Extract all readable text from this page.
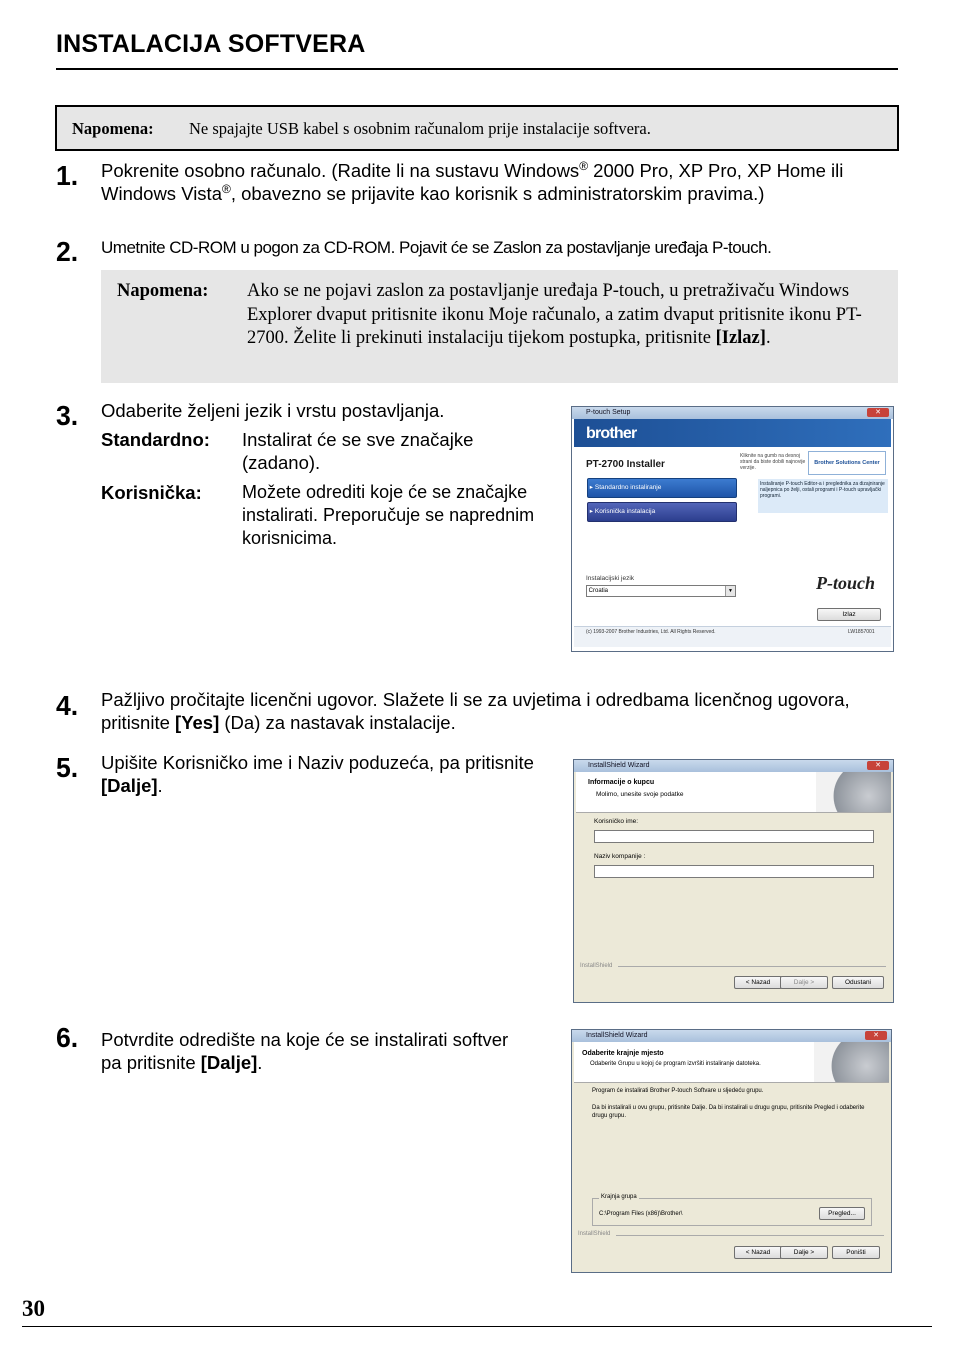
INSTALACIJA SOFTVERA
Napomena: Ne spajajte USB kabel s osobnim računalom prije instalacije softvera.
1. Pokrenite osobno računalo. (Radite li na sustavu Windows® 2000 Pro, XP Pro, XP Home ili Windows Vista®, obavezno se prijavite kao korisnik s administratorskim pravima.)
2. Umetnite CD-ROM u pogon za CD-ROM. Pojavit će se Zaslon za postavljanje uređaja P-touch.
Napomena: Ako se ne pojavi zaslon za postavljanje uređaja P-touch, u pretraživaču Windows Explorer dvaput pritisnite ikonu Moje računalo, a zatim dvaput pritisnite ikonu PT-2700. Želite li prekinuti instalaciju tijekom postupka, pritisnite [Izlaz].
3. Odaberite željeni jezik i vrstu postavljanja.
Standardno: Instalirat će se sve značajke (zadano).
Korisnička: Možete odrediti koje će se značajke instalirati. Preporučuje se naprednim korisnicima.
P-touch Setup	✕
brother
PT-2700 Installer
▸ Standardno instaliranje
▸ Korisnička instalacija
Kliknite na gumb na desnoj strani da biste dobili najnovije verzije.
Brother Solutions Center
Instaliranje P-touch Editor-a i preglednika za dizajniranje naljepnica po želji, ostali programi i P-touch upravljački programi.
Instalacijski jezik
Croatia	▼	P-touch
Izlaz
(c) 1993-2007 Brother Industries, Ltd. All Rights Reserved.	LW1857001
4. Pažljivo pročitajte licenčni ugovor. Slažete li se za uvjetima i odredbama licenčnog ugovora, pritisnite [Yes] (Da) za nastavak instalacije.
5. Upišite Korisničko ime i Naziv poduzeća, pa pritisnite [Dalje].
InstallShield Wizard	✕
Informacije o kupcu
Molimo, unesite svoje podatke
Korisničko ime:
Naziv kompanije :
InstallShield
< Nazad	Dalje >	Odustani
6. Potvrdite odredište na koje će se instalirati softver pa pritisnite [Dalje].
InstallShield Wizard	✕
Odaberite krajnje mjesto
Odaberite Grupu u kojoj će program izvršiti instaliranje datoteka.
Program će instalirati Brother P-touch Softvare u sljedeću grupu.
Da bi instalirali u ovu grupu, pritisnite Dalje. Da bi instalirali u drugu grupu, pritisnite Pregled i odaberite drugu grupu.
Krajnja grupa
C:\Program Files (x86)\Brother\	Pregled...
InstallShield
< Nazad	Dalje >	Poništi
30
